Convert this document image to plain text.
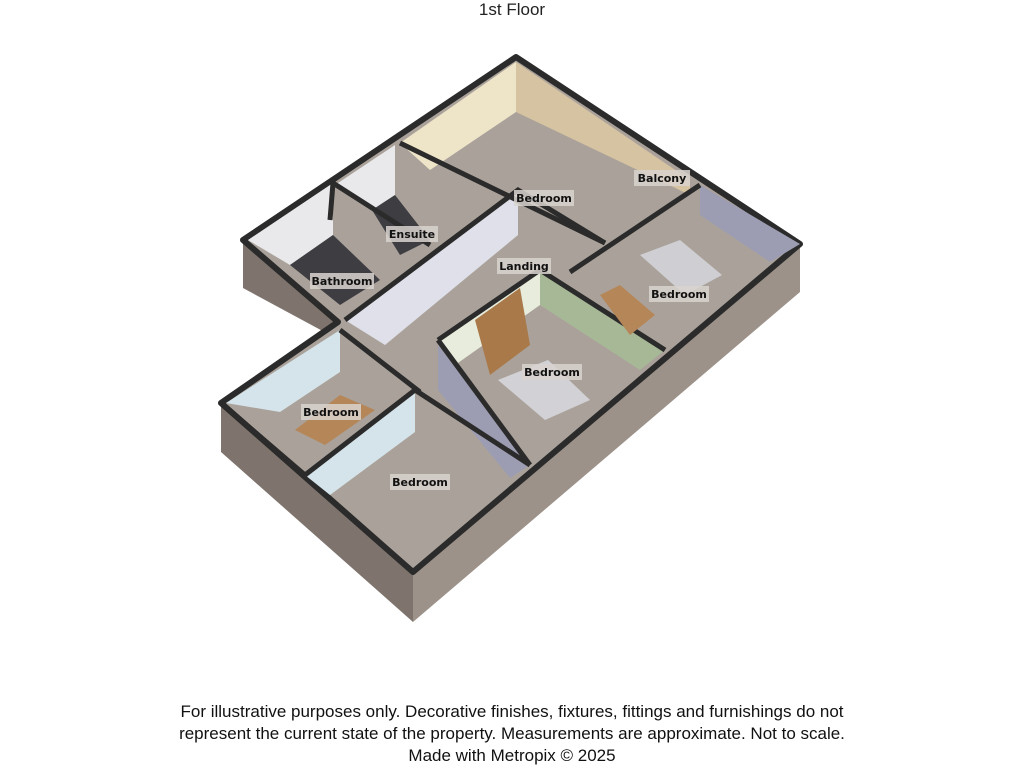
1st Floor
Bedroom
Balcony
Ensuite
Bathroom
Landing
Bedroom
Bedroom
Bedroom
Bedroom
For illustrative purposes only. Decorative finishes, fixtures, fittings and furnishings do not
represent the current state of the property. Measurements are approximate. Not to scale.
Made with Metropix © 2025
